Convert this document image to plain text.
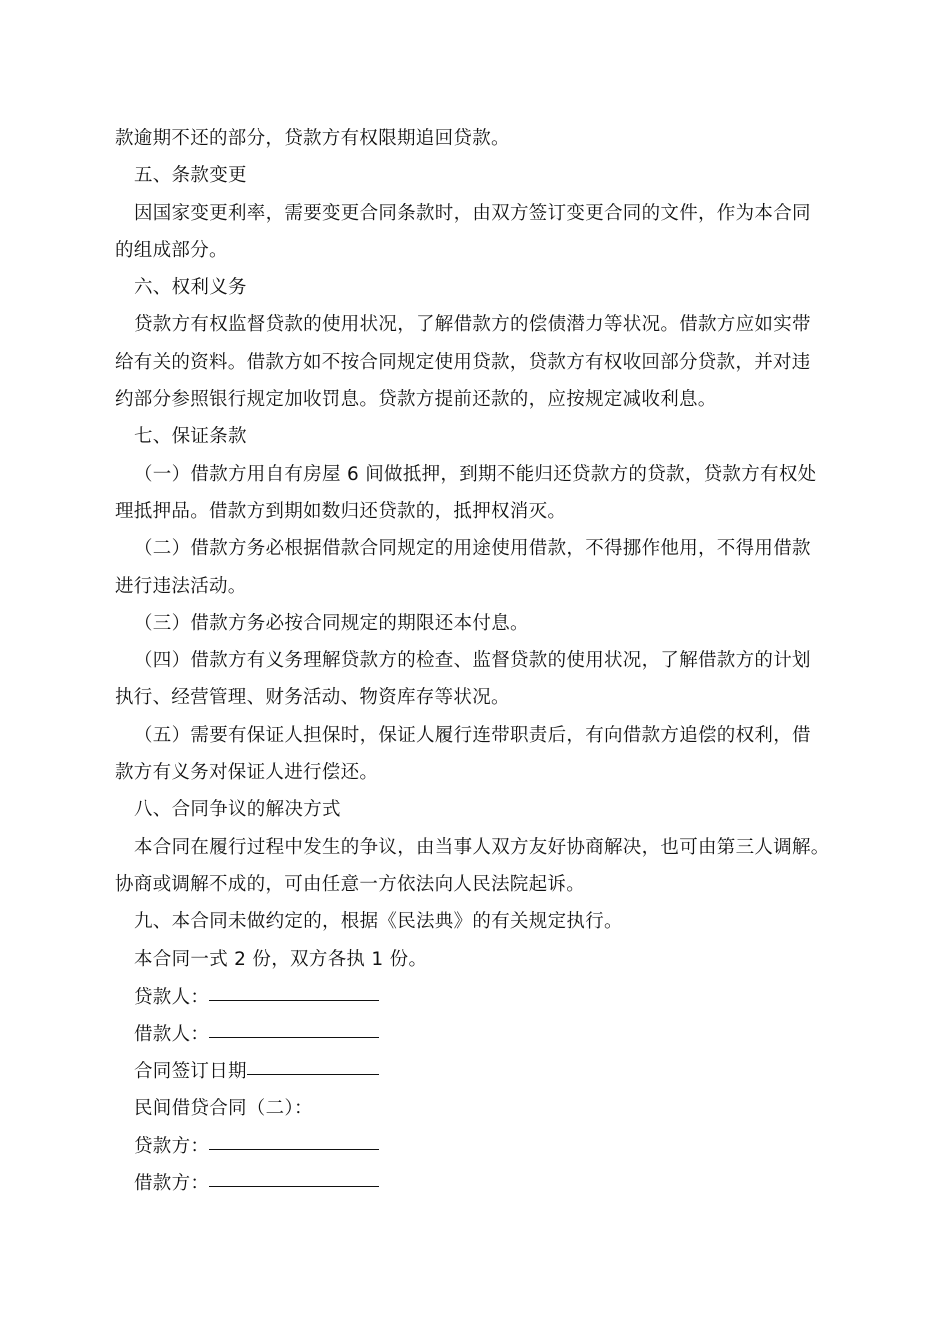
款逾期不还的部分，贷款方有权限期追回贷款。
五、条款变更
因国家变更利率，需要变更合同条款时，由双方签订变更合同的文件，作为本合同
的组成部分。
六、权利义务
贷款方有权监督贷款的使用状况，了解借款方的偿债潜力等状况。借款方应如实带
给有关的资料。借款方如不按合同规定使用贷款，贷款方有权收回部分贷款，并对违
约部分参照银行规定加收罚息。贷款方提前还款的，应按规定减收利息。
七、保证条款
（一）借款方用自有房屋 6 间做抵押，到期不能归还贷款方的贷款，贷款方有权处
理抵押品。借款方到期如数归还贷款的，抵押权消灭。
（二）借款方务必根据借款合同规定的用途使用借款，不得挪作他用，不得用借款
进行违法活动。
（三）借款方务必按合同规定的期限还本付息。
（四）借款方有义务理解贷款方的检查、监督贷款的使用状况，了解借款方的计划
执行、经营管理、财务活动、物资库存等状况。
（五）需要有保证人担保时，保证人履行连带职责后，有向借款方追偿的权利，借
款方有义务对保证人进行偿还。
八、合同争议的解决方式
本合同在履行过程中发生的争议，由当事人双方友好协商解决，也可由第三人调解。
协商或调解不成的，可由任意一方依法向人民法院起诉。
九、本合同未做约定的，根据《民法典》的有关规定执行。
本合同一式 2 份，双方各执 1 份。
贷款人：
借款人：
合同签订日期
民间借贷合同（二）：
贷款方：
借款方：
